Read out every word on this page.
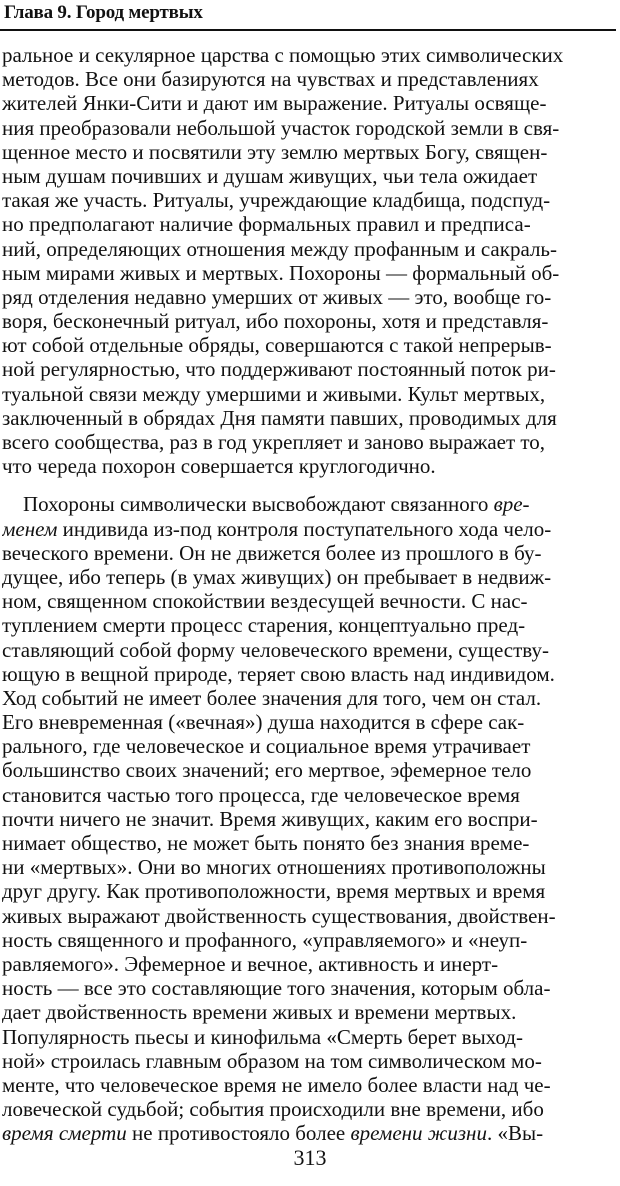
Глава 9. Город мертвых
ральное и секулярное царства с помощью этих символических
методов. Все они базируются на чувствах и представлениях
жителей Янки-Сити и дают им выражение. Ритуалы освяще-
ния преобразовали небольшой участок городской земли в свя-
щенное место и посвятили эту землю мертвых Богу, священ-
ным душам почивших и душам живущих, чьи тела ожидает
такая же участь. Ритуалы, учреждающие кладбища, подспуд-
но предполагают наличие формальных правил и предписа-
ний, определяющих отношения между профанным и сакраль-
ным мирами живых и мертвых. Похороны — формальный об-
ряд отделения недавно умерших от живых — это, вообще го-
воря, бесконечный ритуал, ибо похороны, хотя и представля-
ют собой отдельные обряды, совершаются с такой непрерыв-
ной регулярностью, что поддерживают постоянный поток ри-
туальной связи между умершими и живыми. Культ мертвых,
заключенный в обрядах Дня памяти павших, проводимых для
всего сообщества, раз в год укрепляет и заново выражает то,
что череда похорон совершается круглогодично.
Похороны символически высвобождают связанного вре-
менем индивида из-под контроля поступательного хода чело-
веческого времени. Он не движется более из прошлого в бу-
дущее, ибо теперь (в умах живущих) он пребывает в недвиж-
ном, священном спокойствии вездесущей вечности. С нас-
туплением смерти процесс старения, концептуально пред-
ставляющий собой форму человеческого времени, существу-
ющую в вещной природе, теряет свою власть над индивидом.
Ход событий не имеет более значения для того, чем он стал.
Его вневременная («вечная») душа находится в сфере сак-
рального, где человеческое и социальное время утрачивает
большинство своих значений; его мертвое, эфемерное тело
становится частью того процесса, где человеческое время
почти ничего не значит. Время живущих, каким его воспри-
нимает общество, не может быть понято без знания време-
ни «мертвых». Они во многих отношениях противоположны
друг другу. Как противоположности, время мертвых и время
живых выражают двойственность существования, двойствен-
ность священного и профанного, «управляемого» и «неуп-
равляемого». Эфемерное и вечное, активность и инерт-
ность — все это составляющие того значения, которым обла-
дает двойственность времени живых и времени мертвых.
Популярность пьесы и кинофильма «Смерть берет выход-
ной» строилась главным образом на том символическом мо-
менте, что человеческое время не имело более власти над че-
ловеческой судьбой; события происходили вне времени, ибо
время смерти не противостояло более времени жизни. «Вы-
313
